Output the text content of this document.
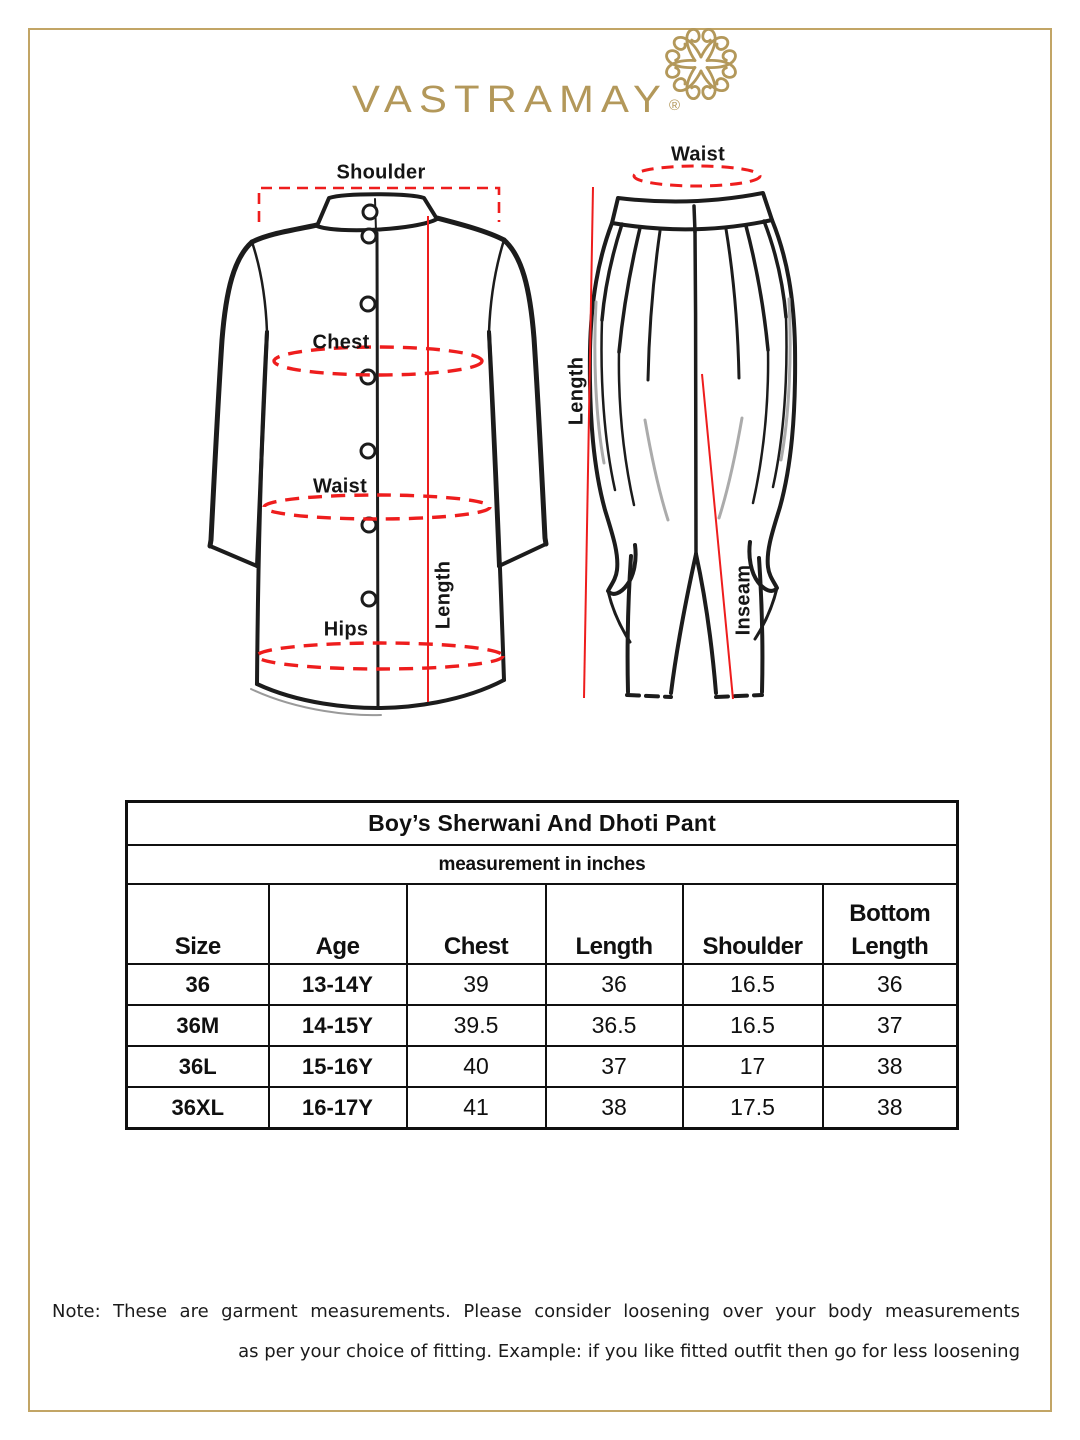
VASTRAMAY ®
Shoulder
Chest
Waist
Hips
Length
Waist
Length
Inseam
Boy’s Sherwani And Dhoti Pant					
measurement in inches					
Size	Age	Chest	Length	Shoulder	Bottom Length
36	13-14Y	39	36	16.5	36
36M	14-15Y	39.5	36.5	16.5	37
36L	15-16Y	40	37	17	38
36XL	16-17Y	41	38	17.5	38
Note: These are garment measurements. Please consider loosening over your body measurements
as per your choice of fitting. Example: if you like fitted outfit then go for less loosening
